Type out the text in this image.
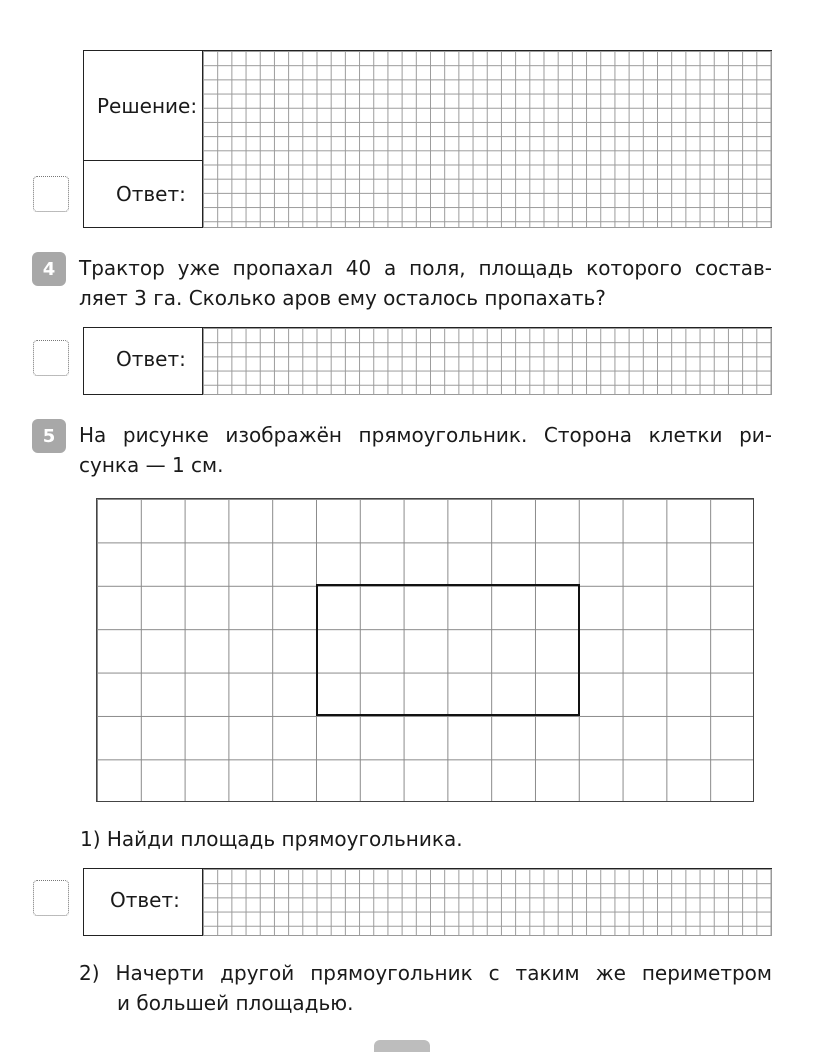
Решение:
Ответ:
4	Трактор уже пропахал 40 а поля, площадь которого состав-
ляет 3 га. Сколько аров ему осталось пропахать?
Ответ:
5	На рисунке изображён прямоугольник. Сторона клетки ри-
сунка — 1 см.
1) Найди площадь прямоугольника.
Ответ:
2) Начерти другой прямоугольник с таким же периметром
и большей площадью.
